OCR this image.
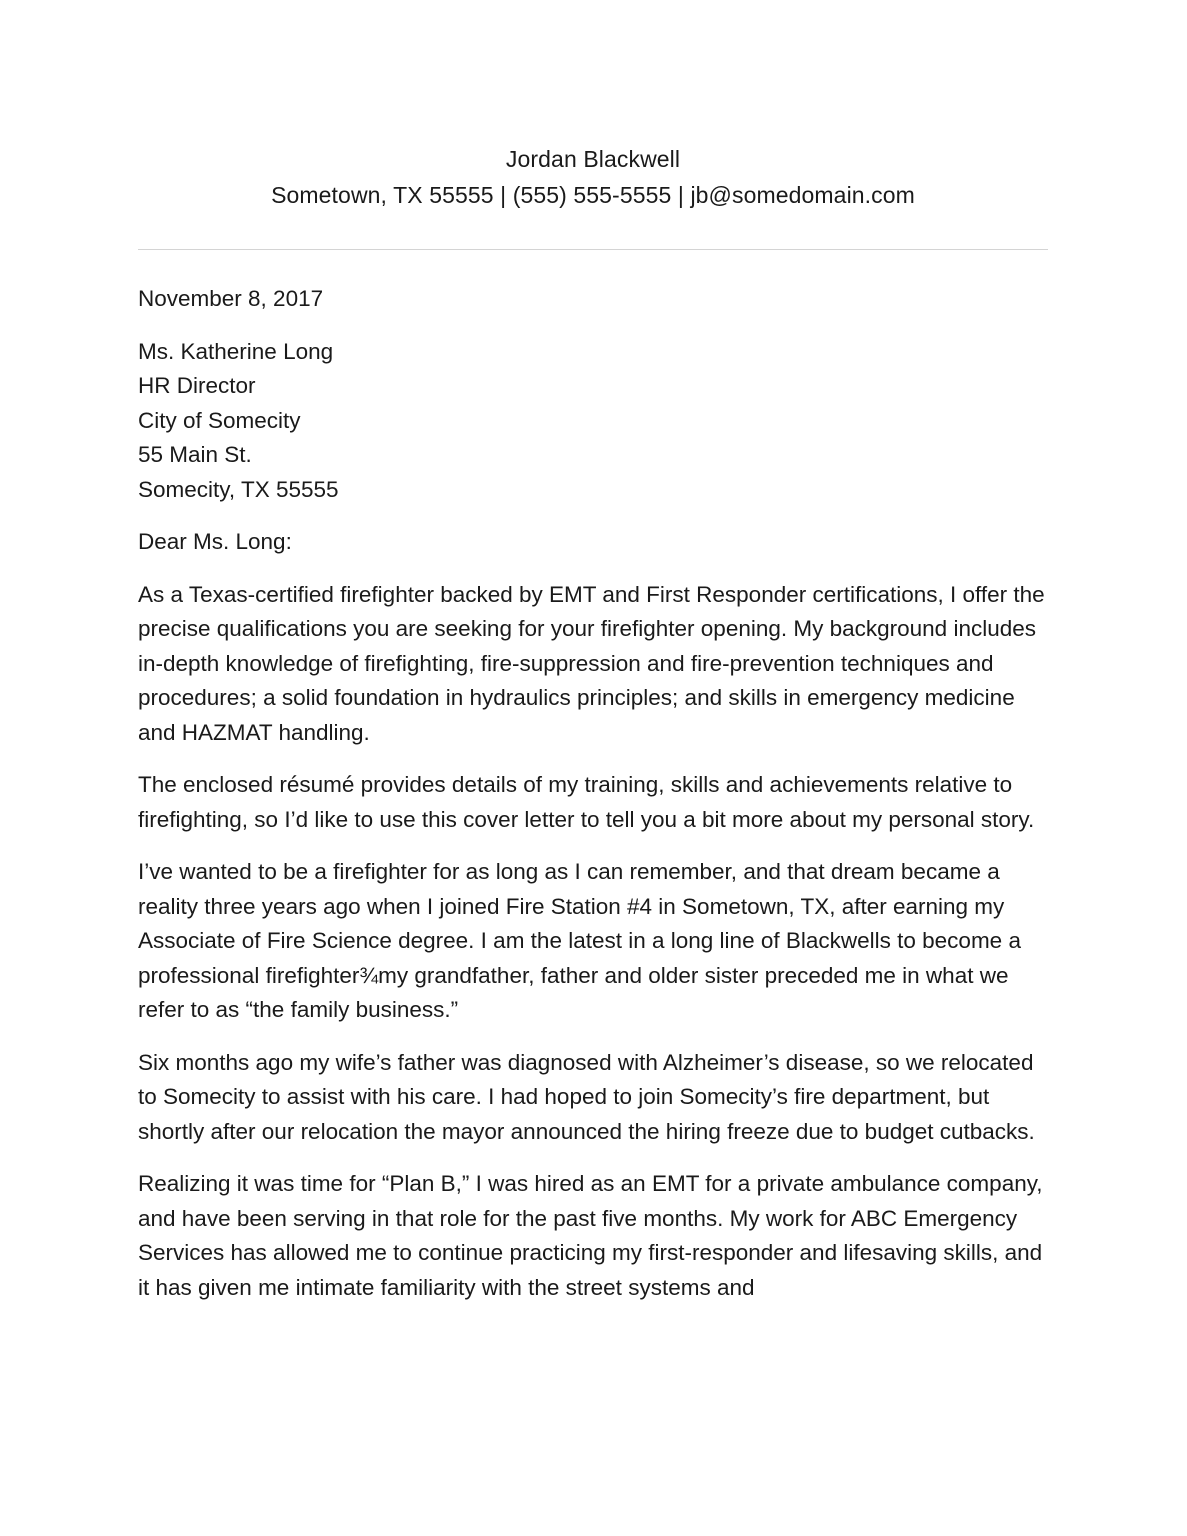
Jordan Blackwell
Sometown, TX 55555 | (555) 555-5555 | jb@somedomain.com

November 8, 2017

Ms. Katherine Long
HR Director
City of Somecity
55 Main St.
Somecity, TX 55555

Dear Ms. Long:

As a Texas-certified firefighter backed by EMT and First Responder certifications, I offer the precise qualifications you are seeking for your firefighter opening. My background includes in-depth knowledge of firefighting, fire-suppression and fire-prevention techniques and procedures; a solid foundation in hydraulics principles; and skills in emergency medicine and HAZMAT handling.

The enclosed résumé provides details of my training, skills and achievements relative to firefighting, so I’d like to use this cover letter to tell you a bit more about my personal story.

I’ve wanted to be a firefighter for as long as I can remember, and that dream became a reality three years ago when I joined Fire Station #4 in Sometown, TX, after earning my Associate of Fire Science degree. I am the latest in a long line of Blackwells to become a professional firefighter¾my grandfather, father and older sister preceded me in what we refer to as “the family business.”

Six months ago my wife’s father was diagnosed with Alzheimer’s disease, so we relocated to Somecity to assist with his care. I had hoped to join Somecity’s fire department, but shortly after our relocation the mayor announced the hiring freeze due to budget cutbacks.

Realizing it was time for “Plan B,” I was hired as an EMT for a private ambulance company, and have been serving in that role for the past five months. My work for ABC Emergency Services has allowed me to continue practicing my first-responder and lifesaving skills, and it has given me intimate familiarity with the street systems and
